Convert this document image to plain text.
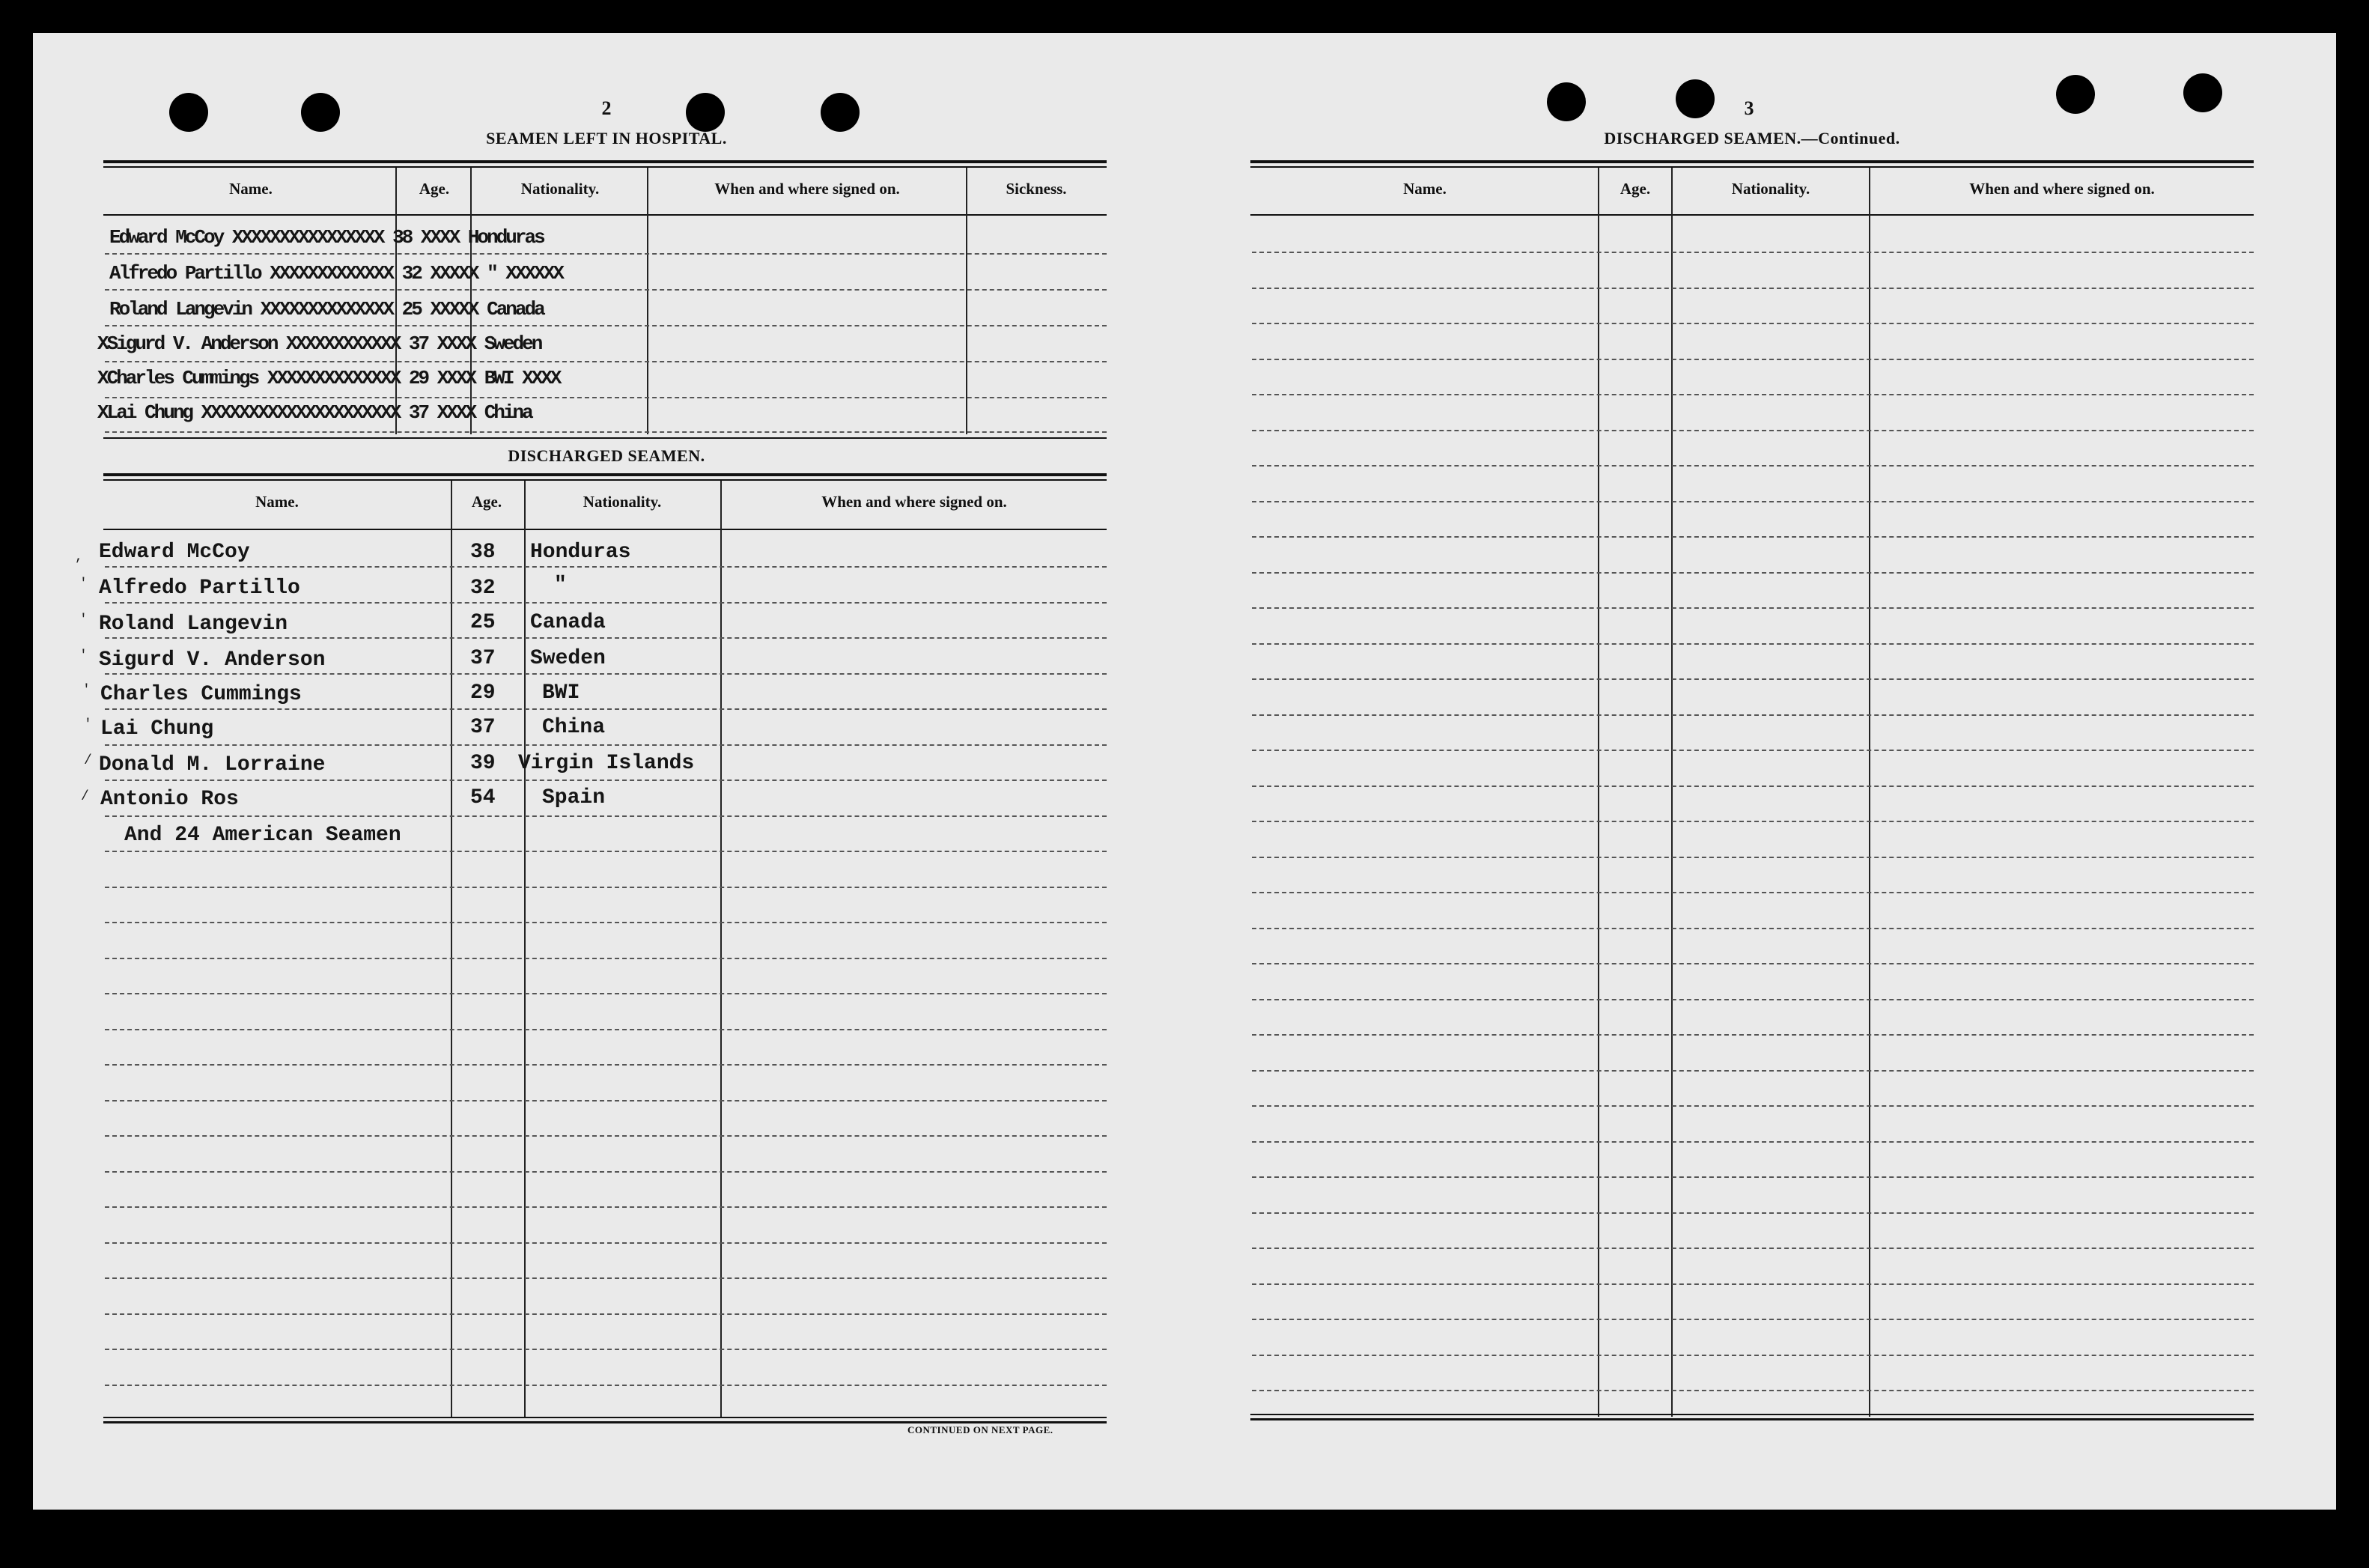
2
SEAMEN LEFT IN HOSPITAL.
Name.	Age.	Nationality.	When and where signed on.	Sickness.
Edward McCoy XXXXXXXXXXXXXXXX 38 XXXX Honduras
Alfredo Partillo XXXXXXXXXXXXX 32 XXXXX " XXXXXX
Roland Langevin XXXXXXXXXXXXXX 25 XXXXX Canada
XSigurd V. Anderson XXXXXXXXXXXX 37 XXXX Sweden
XCharles Cummings XXXXXXXXXXXXXX 29 XXXX BWI XXXX
XLai Chung XXXXXXXXXXXXXXXXXXXXX 37 XXXX China
DISCHARGED SEAMEN.
Name.	Age.	Nationality.	When and where signed on.
, Edward McCoy	38 Honduras
' Alfredo Partillo	32	"
' Roland Langevin	25 Canada
' Sigurd V. Anderson	37 Sweden
' Charles Cummings	29 BWI
' Lai Chung	37 China
/ Donald M. Lorraine	39 Virgin Islands
/ Antonio Ros	54 Spain
And 24 American Seamen
CONTINUED ON NEXT PAGE.
3
DISCHARGED SEAMEN.—Continued.
Name.	Age.	Nationality.	When and where signed on.
